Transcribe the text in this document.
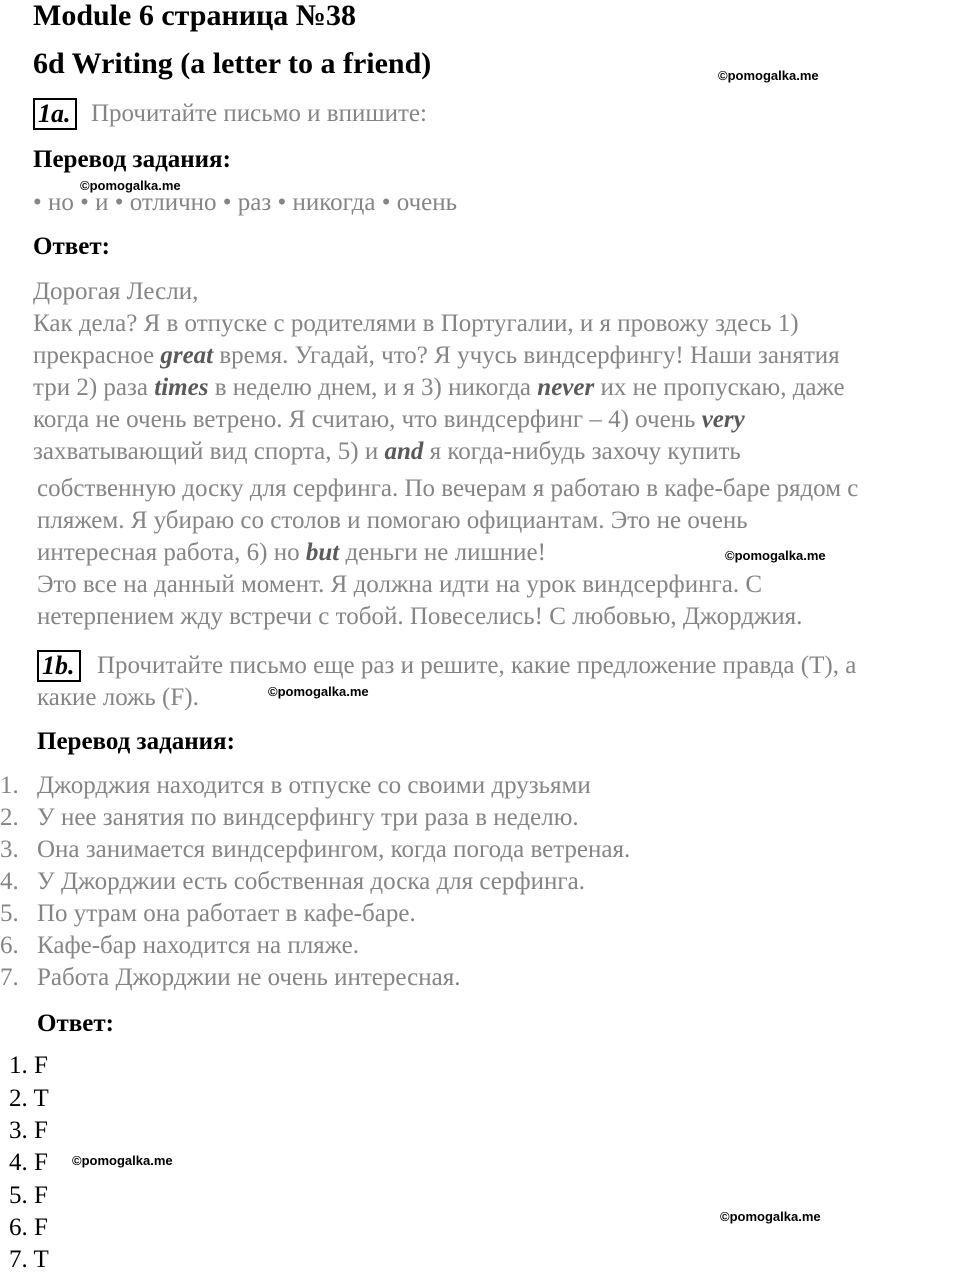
Module 6 страница №38
6d Writing (a letter to a friend)	©pomogalka.me
1a. Прочитайте письмо и впишите:
Перевод задания:
©pomogalka.me
• но • и • отлично • раз • никогда • очень
Ответ:
Дорогая Лесли,
Как дела? Я в отпуске с родителями в Португалии, и я провожу здесь 1)
прекрасное great время. Угадай, что? Я учусь виндсерфингу! Наши занятия
три 2) раза times в неделю днем, и я 3) никогда never их не пропускаю, даже
когда не очень ветрено. Я считаю, что виндсерфинг – 4) очень very
захватывающий вид спорта, 5) и and я когда-нибудь захочу купить
собственную доску для серфинга. По вечерам я работаю в кафе-баре рядом с
пляжем. Я убираю со столов и помогаю официантам. Это не очень
интересная работа, 6) но but деньги не лишние!	©pomogalka.me
Это все на данный момент. Я должна идти на урок виндсерфинга. С
нетерпением жду встречи с тобой. Повеселись! С любовью, Джорджия.
1b. Прочитайте письмо еще раз и решите, какие предложение правда (T), а
какие ложь (F).	©pomogalka.me
Перевод задания:
1. Джорджия находится в отпуске со своими друзьями
2. У нее занятия по виндсерфингу три раза в неделю.
3. Она занимается виндсерфингом, когда погода ветреная.
4. У Джорджии есть собственная доска для серфинга.
5. По утрам она работает в кафе-баре.
6. Кафе-бар находится на пляже.
7. Работа Джорджии не очень интересная.
Ответ:
1. F
2. T
3. F
4. F
5. F
6. F
7. T
©pomogalka.me
©pomogalka.me
